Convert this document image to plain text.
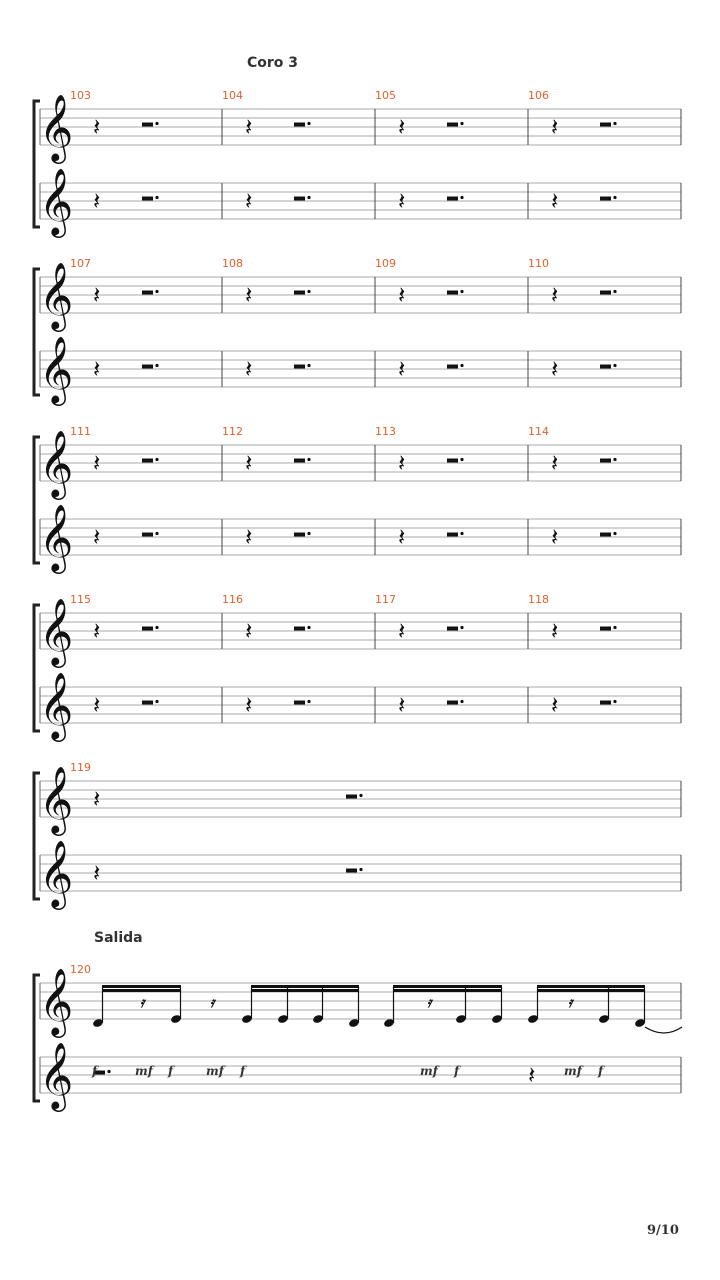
Coro 3
Salida
𝄞
𝄞
𝄽
𝄽
𝄽
𝄽
𝄽
𝄽
𝄽
𝄽
𝄞
𝄞
𝄽
𝄽
𝄽
𝄽
𝄽
𝄽
𝄽
𝄽
𝄞
𝄞
𝄽
𝄽
𝄽
𝄽
𝄽
𝄽
𝄽
𝄽
𝄞
𝄞
𝄽
𝄽
𝄽
𝄽
𝄽
𝄽
𝄽
𝄽
𝄞
𝄞
𝄽
𝄽
𝄞
𝄞
𝄿	𝄿	𝄿	𝄿
𝄽
103	104	105	106
107	108	109	110
111	112	113	114
115	116	117	118
119
120
f	mf f	mf f	mf f	mf f
9/10
